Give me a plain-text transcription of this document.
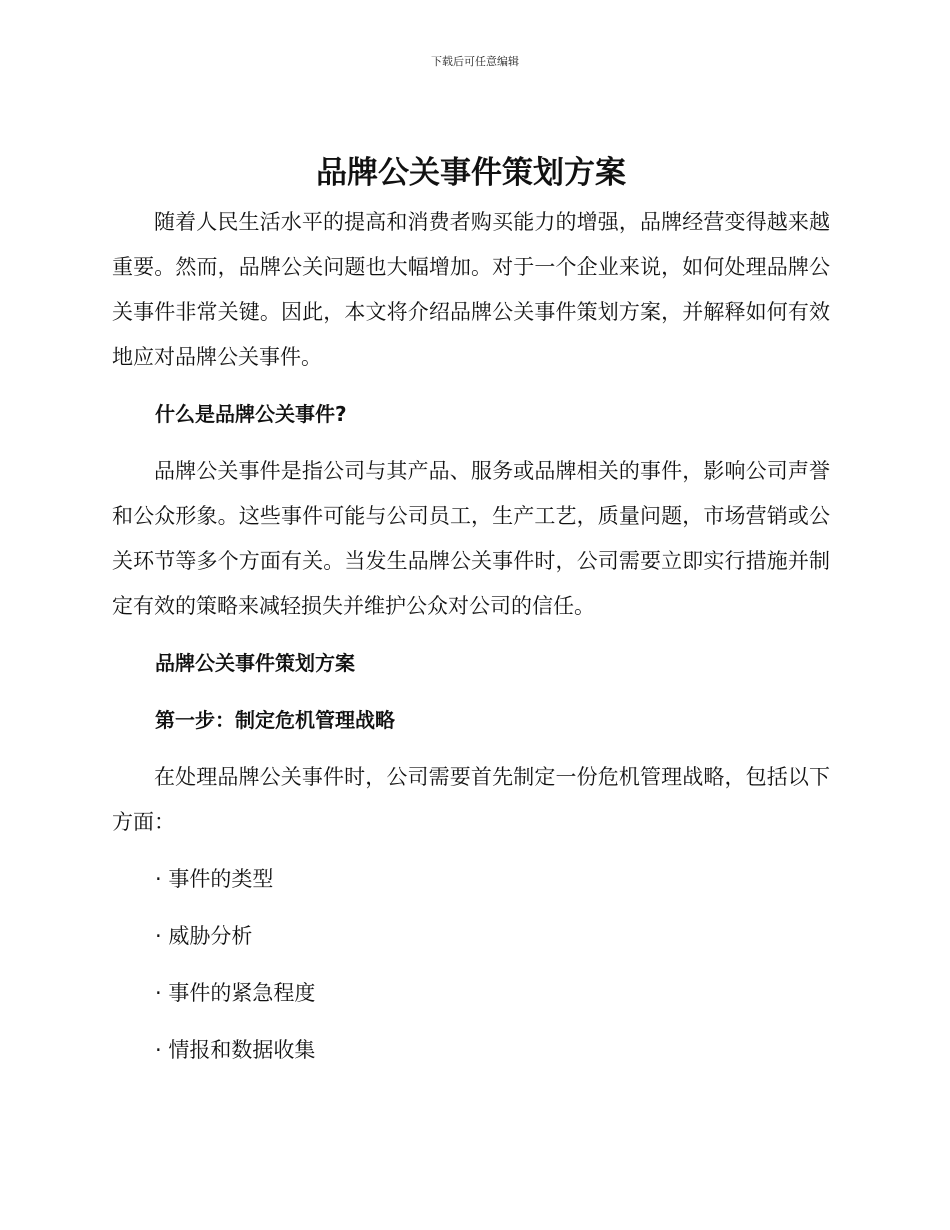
下载后可任意编辑
品牌公关事件策划方案

随着人民生活水平的提高和消费者购买能力的增强，品牌经营变得越来越重要。然而，品牌公关问题也大幅增加。对于一个企业来说，如何处理品牌公关事件非常关键。因此，本文将介绍品牌公关事件策划方案，并解释如何有效地应对品牌公关事件。

什么是品牌公关事件?

品牌公关事件是指公司与其产品、服务或品牌相关的事件，影响公司声誉和公众形象。这些事件可能与公司员工，生产工艺，质量问题，市场营销或公关环节等多个方面有关。当发生品牌公关事件时，公司需要立即实行措施并制定有效的策略来减轻损失并维护公众对公司的信任。

品牌公关事件策划方案

第一步：制定危机管理战略

在处理品牌公关事件时，公司需要首先制定一份危机管理战略，包括以下方面：

· 事件的类型

· 威胁分析

· 事件的紧急程度

· 情报和数据收集
